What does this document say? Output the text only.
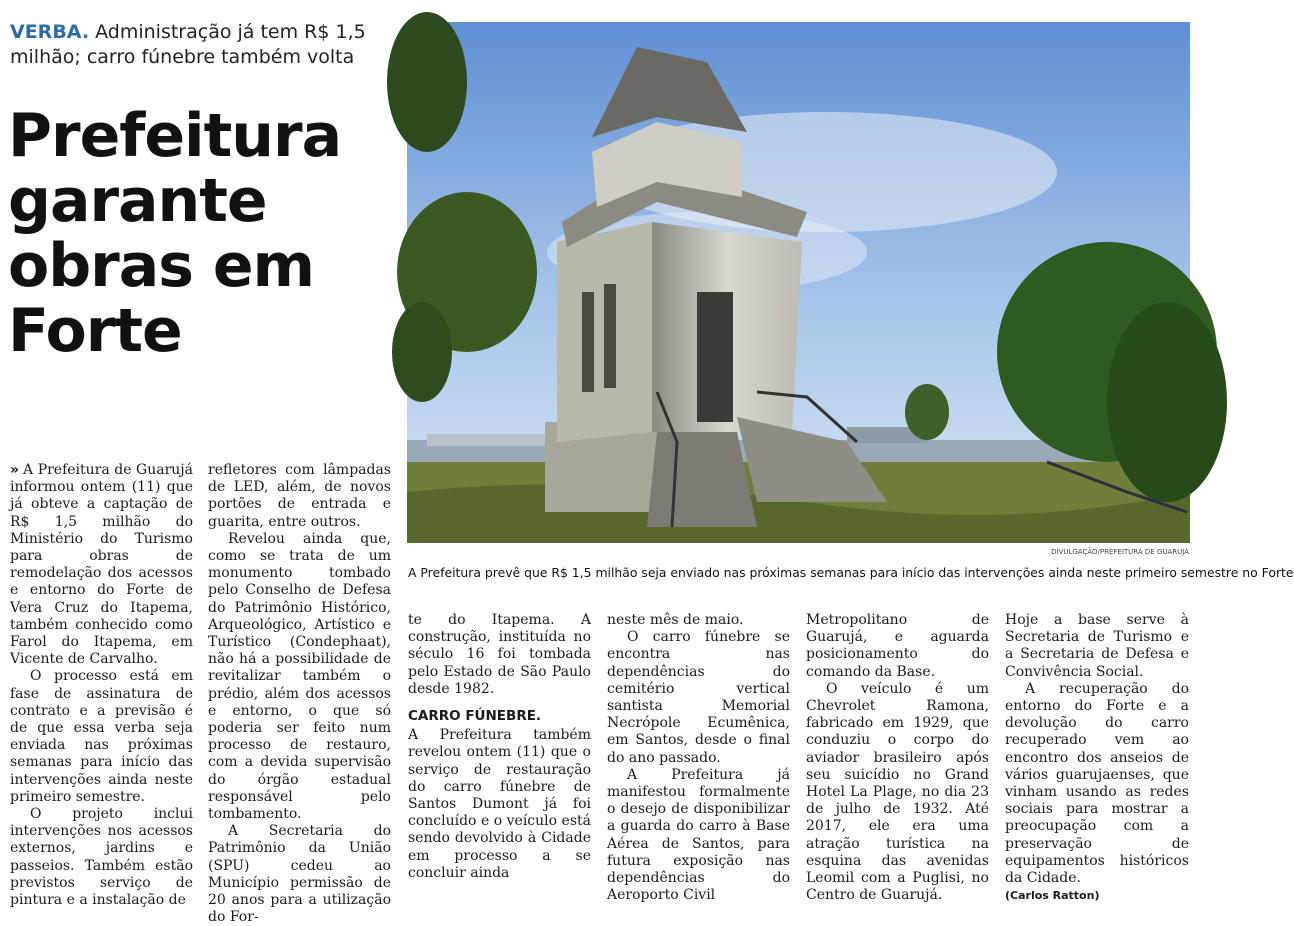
VERBA. Administração já tem R$ 1,5 milhão; carro fúnebre também volta
Prefeitura garante obras em Forte
DIVULGAÇÃO/PREFEITURA DE GUARUJÁ
A Prefeitura prevê que R$ 1,5 milhão seja enviado nas próximas semanas para início das intervenções ainda neste primeiro semestre no Forte

» A Prefeitura de Guarujá informou ontem (11) que já obteve a captação de R$ 1,5 milhão do Ministério do Turismo para obras de remodelação dos acessos e entorno do Forte de Vera Cruz do Itapema, também conhecido como Farol do Itapema, em Vicente de Carvalho.

O processo está em fase de assinatura de contrato e a previsão é de que essa verba seja enviada nas próximas semanas para início das intervenções ainda neste primeiro semestre.

O projeto inclui intervenções nos acessos externos, jardins e passeios. Também estão previstos serviço de pintura e a instalação de

refletores com lâmpadas de LED, além, de novos portões de entrada e guarita, entre outros.

Revelou ainda que, como se trata de um monumento tombado pelo Conselho de Defesa do Patrimônio Histórico, Arqueológico, Artístico e Turístico (Condephaat), não há a possibilidade de revitalizar também o prédio, além dos acessos e entorno, o que só poderia ser feito num processo de restauro, com a devida supervisão do órgão estadual responsável pelo tombamento.

A Secretaria do Patrimônio da União (SPU) cedeu ao Município permissão de 20 anos para a utilização do For-

te do Itapema. A construção, instituída no século 16 foi tombada pelo Estado de São Paulo desde 1982.

CARRO FÚNEBRE.

A Prefeitura também revelou ontem (11) que o serviço de restauração do carro fúnebre de Santos Dumont já foi concluído e o veículo está sendo devolvido à Cidade em processo a se concluir ainda

neste mês de maio.

O carro fúnebre se encontra nas dependências do cemitério vertical santista Memorial Necrópole Ecumênica, em Santos, desde o final do ano passado.

A Prefeitura já manifestou formalmente o desejo de disponibilizar a guarda do carro à Base Aérea de Santos, para futura exposição nas dependências do Aeroporto Civil

Metropolitano de Guarujá, e aguarda posicionamento do comando da Base.

O veículo é um Chevrolet Ramona, fabricado em 1929, que conduziu o corpo do aviador brasileiro após seu suicídio no Grand Hotel La Plage, no dia 23 de julho de 1932. Até 2017, ele era uma atração turística na esquina das avenidas Leomil com a Puglisi, no Centro de Guarujá.

Hoje a base serve à Secretaria de Turismo e a Secretaria de Defesa e Convivência Social.

A recuperação do entorno do Forte e a devolução do carro recuperado vem ao encontro dos anseios de vários guarujaenses, que vinham usando as redes sociais para mostrar a preocupação com a preservação de equipamentos históricos da Cidade.

(Carlos Ratton)
